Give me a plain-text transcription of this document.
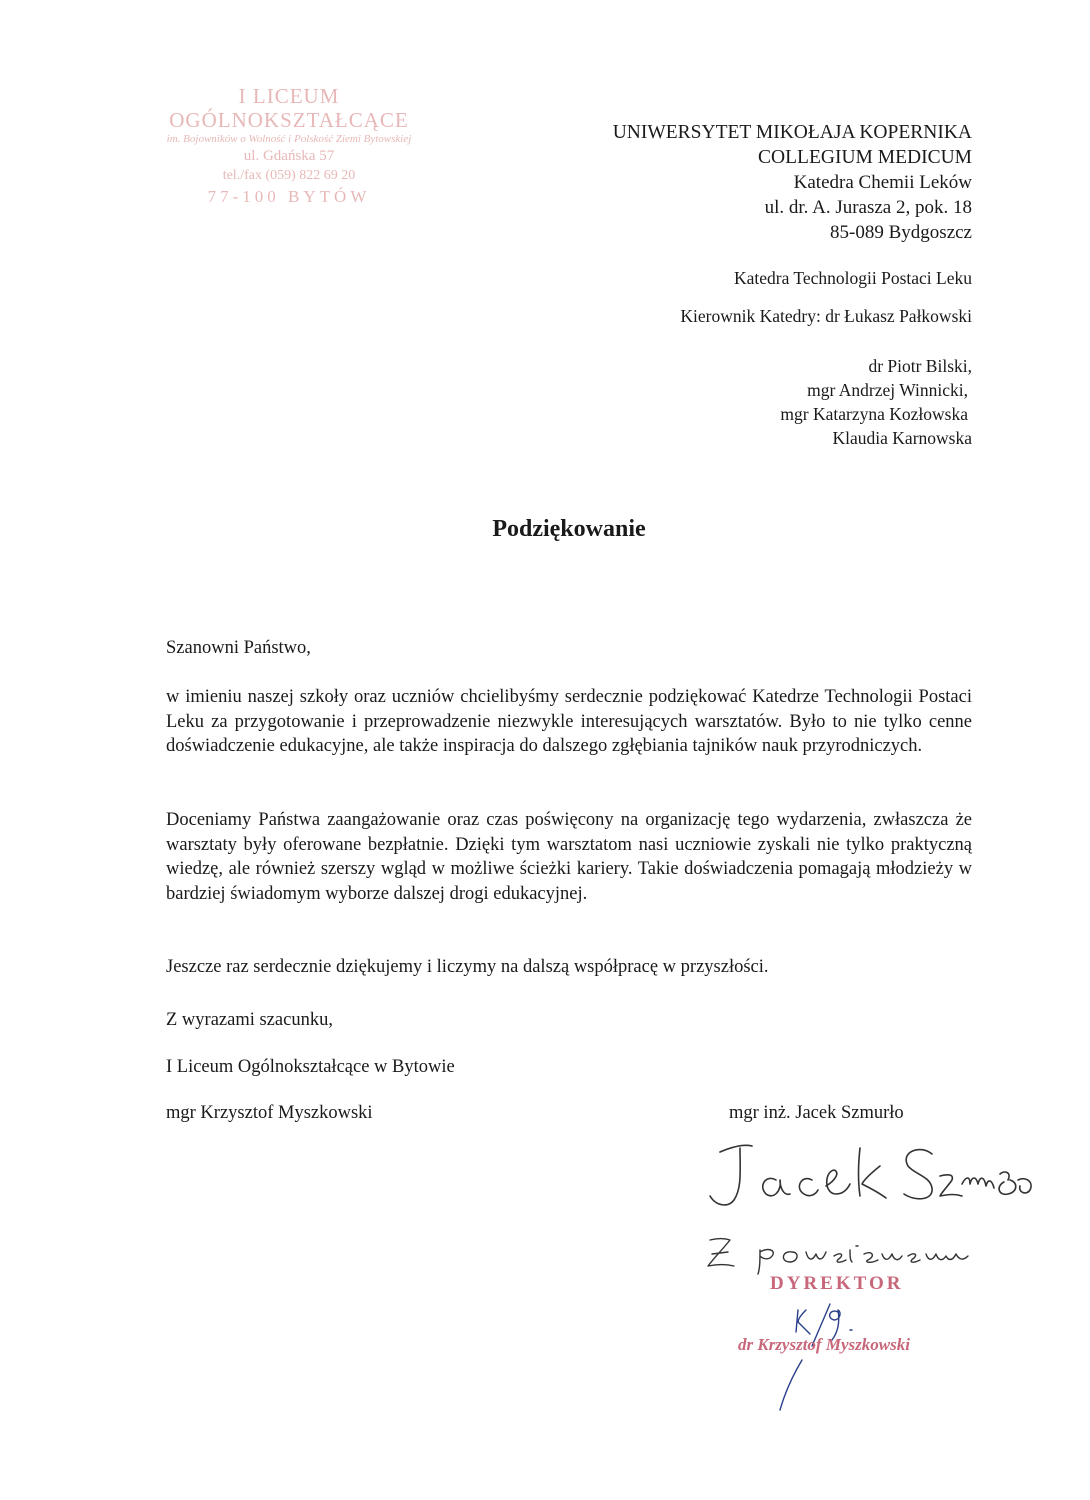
I LICEUM OGÓLNOKSZTAŁCĄCE
im. Bojowników o Wolność i Polskość Ziemi Bytowskiej
ul. Gdańska 57
tel./fax (059) 822 69 20
77-100 BYTÓW
UNIWERSYTET MIKOŁAJA KOPERNIKA
COLLEGIUM MEDICUM
Katedra Chemii Leków
ul. dr. A. Jurasza 2, pok. 18
85-089 Bydgoszcz
Katedra Technologii Postaci Leku
Kierownik Katedry: dr Łukasz Pałkowski
dr Piotr Bilski,
mgr Andrzej Winnicki,
mgr Katarzyna Kozłowska
Klaudia Karnowska
Podziękowanie
Szanowni Państwo,
w imieniu naszej szkoły oraz uczniów chcielibyśmy serdecznie podziękować Katedrze Technologii Postaci Leku za przygotowanie i przeprowadzenie niezwykle interesujących warsztatów. Było to nie tylko cenne doświadczenie edukacyjne, ale także inspiracja do dalszego zgłębiania tajników nauk przyrodniczych.
Doceniamy Państwa zaangażowanie oraz czas poświęcony na organizację tego wydarzenia, zwłaszcza że warsztaty były oferowane bezpłatnie. Dzięki tym warsztatom nasi uczniowie zyskali nie tylko praktyczną wiedzę, ale również szerszy wgląd w możliwe ścieżki kariery. Takie doświadczenia pomagają młodzieży w bardziej świadomym wyborze dalszej drogi edukacyjnej.
Jeszcze raz serdecznie dziękujemy i liczymy na dalszą współpracę w przyszłości.
Z wyrazami szacunku,
I Liceum Ogólnokształcące w Bytowie
mgr Krzysztof Myszkowski	mgr inż. Jacek Szmurło
DYREKTOR
dr Krzysztof Myszkowski
